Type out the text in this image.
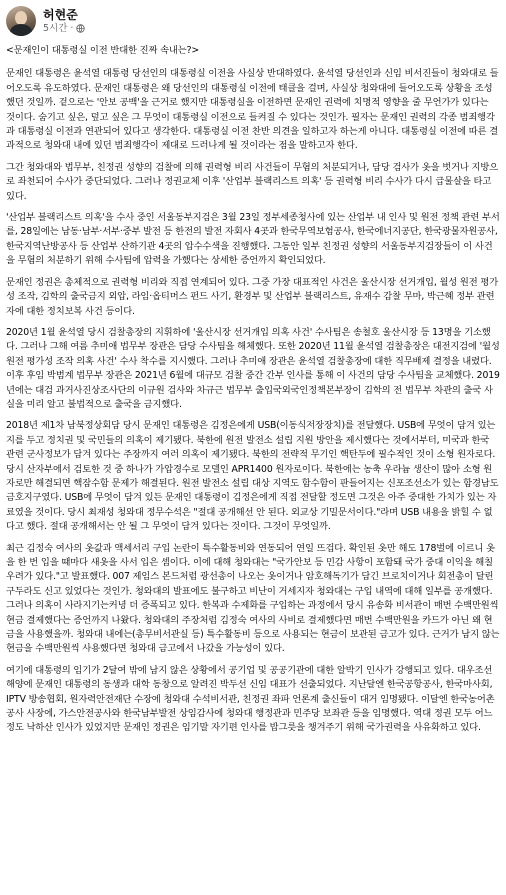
허현준
5시간 ·

<문재인이 대통령실 이전 반대한 진짜 속내는?>

문재인 대통령은 윤석열 대통령 당선인의 대통령실 이전을 사실상 반대하였다. 윤석열 당선인과 신임 비서진들이 청와대로 들어오도록 유도하였다. 문재인 대통령은 왜 당선인의 대통령실 이전에 태클을 걸며, 사실상 청와대에 들어오도록 상황을 조성했던 것일까. 겉으로는 '안보 공백'을 근거로 했지만 대통령실을 이전하면 문재인 권력에 치명적 영향을 줄 무언가가 있다는 것이다. 숨기고 싶은, 덮고 싶은 그 무엇이 대통령실 이전으로 들켜질 수 있다는 것인가. 필자는 문재인 권력의 각종 범죄행각과 대통령실 이전과 연관되어 있다고 생각한다. 대통령실 이전 찬반 의견을 일하고자 하는게 아니다. 대통령실 이전에 따른 결과적으로 청와대 내에 있던 범죄행각이 제대로 드러나게 될 것이라는 점을 말하고자 한다.

그간 청와대와 법무부, 친정권 성향의 검찰에 의해 권력형 비리 사건들이 무혐의 처분되거나, 담당 검사가 옷을 벗거나 지방으로 좌천되어 수사가 중단되었다. 그러나 정권교체 이후 '산업부 블랙리스트 의혹' 등 권력형 비리 수사가 다시 급물살을 타고 있다.

'산업부 블랙리스트 의혹'을 수사 중인 서울동부지검은 3월 23일 정부세종청사에 있는 산업부 내 인사 및 원전 정책 관련 부서를, 28일에는 남동·남부·서부·중부 발전 등 한전의 발전 자회사 4곳과 한국무역보험공사, 한국에너지공단, 한국광물자원공사, 한국지역난방공사 등 산업부 산하기관 4곳의 압수수색을 진행했다. 그동안 일부 친정권 성향의 서울동부지검장들이 이 사건을 무혐의 처분하기 위해 수사팀에 압력을 가했다는 상세한 증언까지 확인되었다.

문재인 정권은 총체적으로 권력형 비리와 직접 연계되어 있다. 그중 가장 대표적인 사건은 울산시장 선거개입, 월성 원전 평가성 조작, 김학의 출국금지 외압, 라임·옵티머스 펀드 사기, 환경부 및 산업부 블랙리스트, 유재수 감찰 무마, 박근혜 정부 관련자에 대한 정치보복 사건 등이다.

2020년 1월 윤석열 당시 검찰총장의 지휘하에 '울산시장 선거개입 의혹 사건' 수사팀은 송철호 울산시장 등 13명을 기소했다. 그러나 그해 여름 추미애 법무부 장관은 담당 수사팀을 해체했다. 또한 2020년 11월 윤석열 검찰총장은 대전지검에 '월성 원전 평가성 조작 의혹 사건' 수사 착수를 지시했다. 그러나 추미애 장관은 윤석열 검찰총장에 대한 직무배제 결정을 내렸다. 이후 후임 박범계 법무부 장관은 2021년 6월에 대규모 검찰 중간 간부 인사를 통해 이 사건의 담당 수사팀을 교체했다. 2019년에는 대검 과거사진상조사단의 이규원 검사와 차규근 법무부 출입국외국인정책본부장이 김학의 전 법무부 차관의 출국 사실을 미리 알고 불법적으로 출국을 금지했다.

2018년 제1차 남북정상회담 당시 문재인 대통령은 김정은에게 USB(이동식저장장치)를 전달했다. USB에 무엇이 담겨 있는지를 두고 정치권 및 국민들의 의혹이 제기됐다. 북한에 원전 발전소 설립 지원 방안을 제시했다는 것에서부터, 미국과 한국 관련 군사정보가 담겨 있다는 주장까지 여러 의혹이 제기됐다. 북한의 전략적 무기인 핵탄두에 필수적인 것이 소형 원자로다. 당시 산자부에서 검토한 것 중 하나가 가압경수로 모델인 APR1400 원자로이다. 북한에는 농축 우라늄 생산이 많아 소형 원자로만 해결되면 핵잠수함 문제가 해결된다. 원전 발전소 설립 대상 지역도 함수함이 판들어지는 신포조선소가 있는 함경남도 금호지구였다. USB에 무엇이 담겨 있든 문재인 대통령이 김정은에게 직접 전달할 정도면 그것은 아주 중대한 가치가 있는 자료였을 것이다. 당시 최재성 청와대 정무수석은 "절대 공개해선 안 된다. 외교상 기밀문서이다."라며 USB 내용을 밝힐 수 없다고 했다. 절대 공개해서는 안 될 그 무엇이 담겨 있다는 것이다. 그것이 무엇일까.

최근 김정숙 여사의 옷값과 액세서리 구입 논란이 특수활동비와 연동되어 연일 뜨겁다. 확인된 옷만 해도 178벌에 이르니 옷을 한 번 입을 때마다 새옷을 사서 입은 셈이다. 이에 대해 청와대는 "국가안보 등 민감 사항이 포함돼 국가 중대 이익을 해칠 우려가 있다."고 발표했다. 007 제임스 본드처럼 광선총이 나오는 옷이거나 암호해독기가 담긴 브로치이거나 회전총이 달린 구두라도 신고 있었다는 것인가. 청와대의 발표에도 불구하고 비난이 거세지자 청와대는 구입 내역에 대해 일부를 공개했다. 그러나 의혹이 사라지기는커녕 더 증폭되고 있다. 한복과 수제화를 구입하는 과정에서 당시 유송화 비서관이 매번 수백만원씩 현금 결제했다는 증언까지 나왔다. 청와대의 주장처럼 김정숙 여사의 사비로 결제했다면 매번 수백만원을 카드가 아닌 왜 현금을 사용했을까. 청와대 내에는(총무비서관실 등) 특수활동비 등으로 사용되는 현금이 보관된 금고가 있다. 근거가 남지 않는 현금을 수백만원씩 사용했다면 청와대 금고에서 나갔을 가능성이 있다.

여기에 대통령의 임기가 2달여 밖에 남지 않은 상황에서 공기업 및 공공기관에 대한 알박기 인사가 강행되고 있다. 대우조선해양에 문재인 대통령의 동생과 대학 동창으로 알려진 박두선 신임 대표가 선출되었다. 지난달엔 한국공항공사, 한국마사회, IPTV 방송협회, 원자력안전재단 수장에 청와대 수석비서관, 친정권 좌파 언론계 출신들이 대거 임명됐다. 이달엔 한국농어촌공사 사장에, 가스안전공사와 한국남부발전 상임감사에 청와대 행정관과 민주당 보좌관 등을 임명했다. 역대 정권 모두 어느 정도 낙하산 인사가 있었지만 문재인 정권은 임기말 자기편 인사를 밥그릇을 챙겨주기 위해 국가권력을 사유화하고 있다.
